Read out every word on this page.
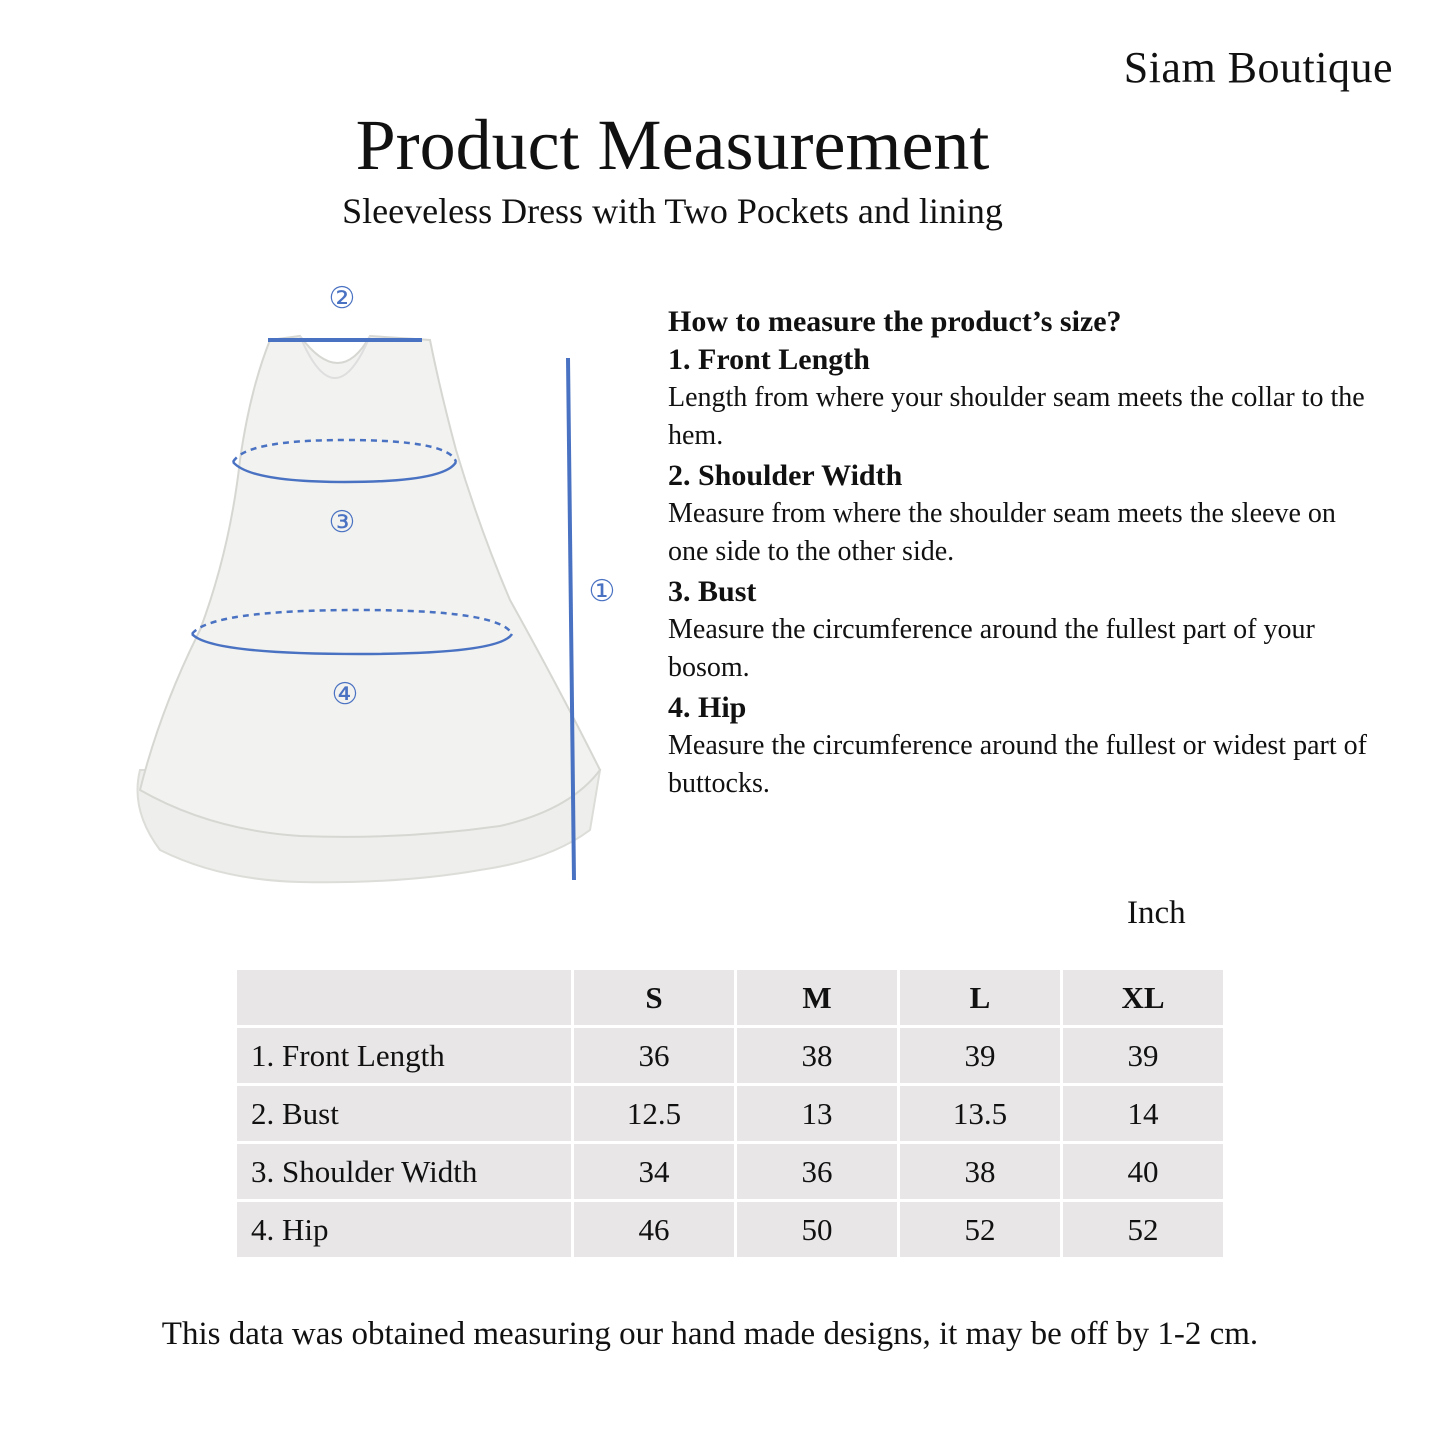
Siam Boutique
Product Measurement
Sleeveless Dress with Two Pockets and lining
②
③
①
④
How to measure the product’s size?
1. Front Length
Length from where your shoulder seam meets the collar to the hem.
2. Shoulder Width
Measure from where the shoulder seam meets the sleeve on one side to the other side.
3. Bust
Measure the circumference around the fullest part of your bosom.
4. Hip
Measure the circumference around the fullest or widest part of buttocks.
Inch
	S	M	L	XL
1. Front Length	36	38	39	39
2. Bust	12.5	13	13.5	14
3. Shoulder Width	34	36	38	40
4. Hip	46	50	52	52
This data was obtained measuring our hand made designs, it may be off by 1-2 cm.
